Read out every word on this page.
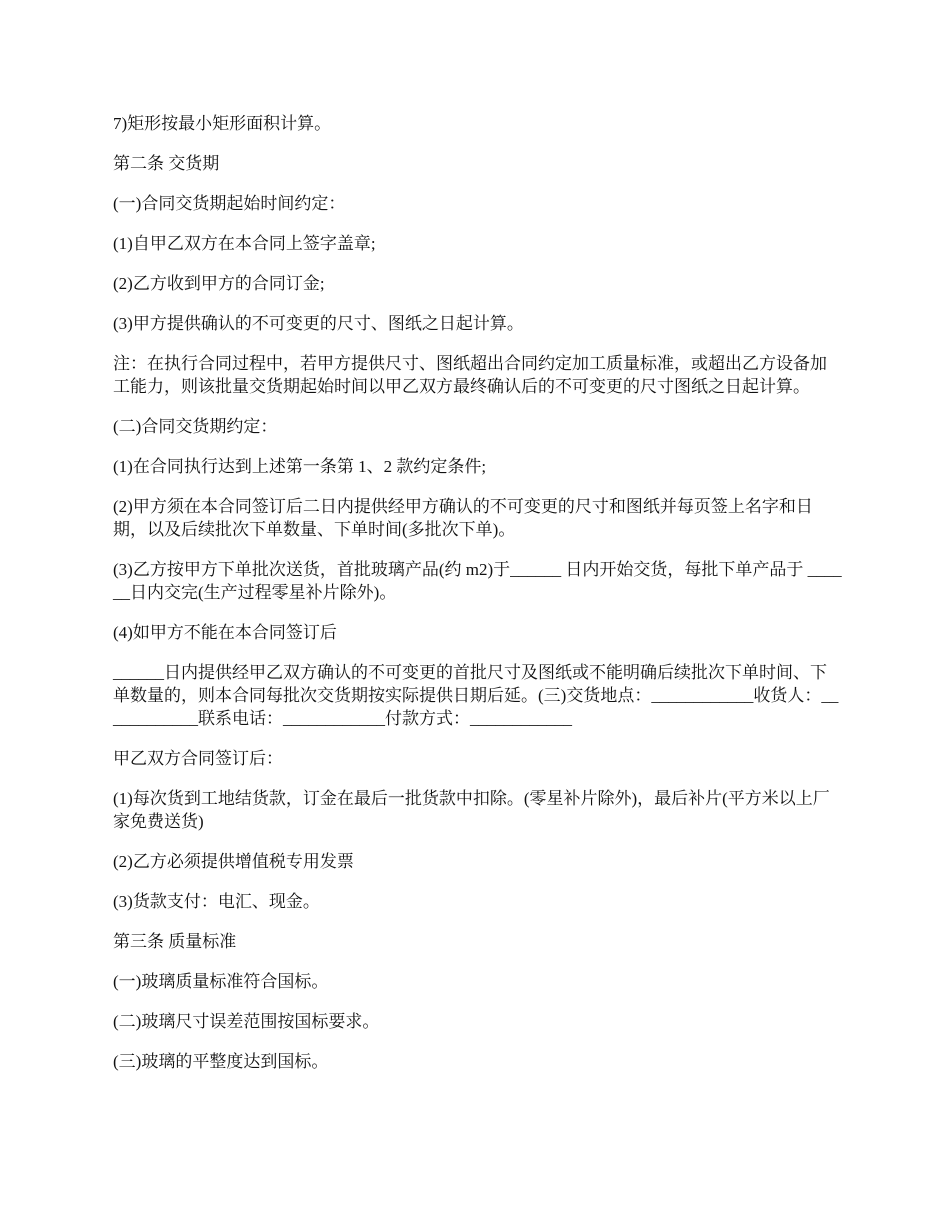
7)矩形按最小矩形面积计算。

第二条 交货期

(一)合同交货期起始时间约定：

(1)自甲乙双方在本合同上签字盖章;

(2)乙方收到甲方的合同订金;

(3)甲方提供确认的不可变更的尺寸、图纸之日起计算。

注：在执行合同过程中，若甲方提供尺寸、图纸超出合同约定加工质量标准，或超出乙方设备加工能力，则该批量交货期起始时间以甲乙双方最终确认后的不可变更的尺寸图纸之日起计算。

(二)合同交货期约定：

(1)在合同执行达到上述第一条第 1、2 款约定条件;

(2)甲方须在本合同签订后二日内提供经甲方确认的不可变更的尺寸和图纸并每页签上名字和日期，以及后续批次下单数量、下单时间(多批次下单)。

(3)乙方按甲方下单批次送货，首批玻璃产品(约 m2)于______ 日内开始交货，每批下单产品于 ______日内交完(生产过程零星补片除外)。

(4)如甲方不能在本合同签订后

______日内提供经甲乙双方确认的不可变更的首批尺寸及图纸或不能明确后续批次下单时间、下单数量的，则本合同每批次交货期按实际提供日期后延。(三)交货地点：____________收货人：____________联系电话：____________付款方式：____________

甲乙双方合同签订后：

(1)每次货到工地结货款，订金在最后一批货款中扣除。(零星补片除外)，最后补片(平方米以上厂家免费送货)

(2)乙方必须提供增值税专用发票

(3)货款支付：电汇、现金。

第三条 质量标准

(一)玻璃质量标准符合国标。

(二)玻璃尺寸误差范围按国标要求。

(三)玻璃的平整度达到国标。
